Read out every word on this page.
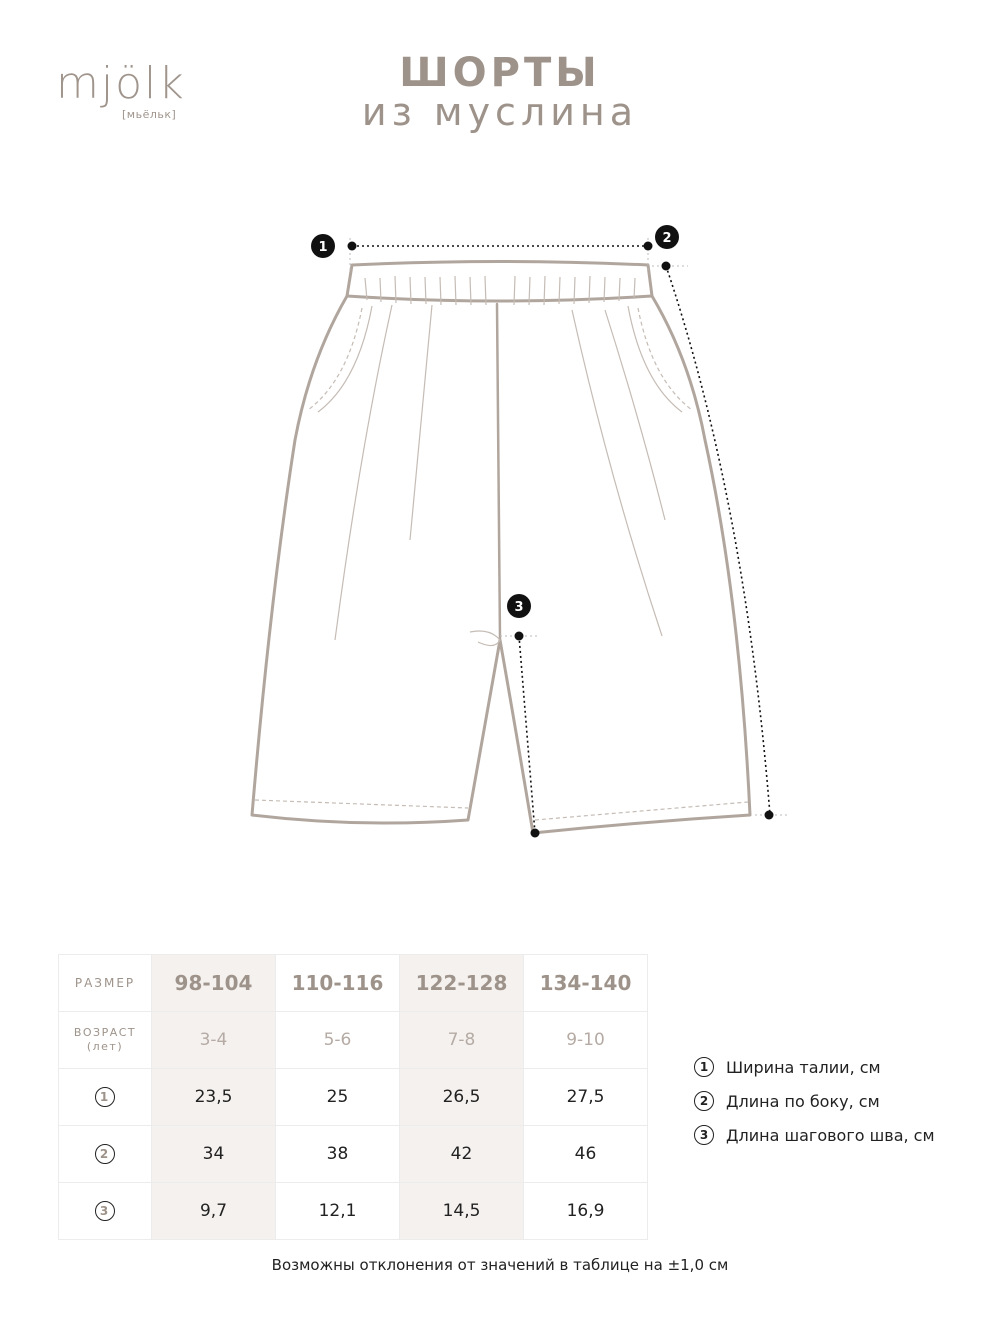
mjölk
[мьёльк]
ШОРТЫ
из муслина
1
2
3
РАЗМЕР	98-104	110-116	122-128	134-140

ВОЗРАСТ
(лет)	3-4	5-6	7-8	9-10
1	23,5	25	26,5	27,5
2	34	38	42	46
3	9,7	12,1	14,5	16,9
1	Ширина талии, см
2	Длина по боку, см
3	Длина шагового шва, см
Возможны отклонения от значений в таблице на ±1,0 см
